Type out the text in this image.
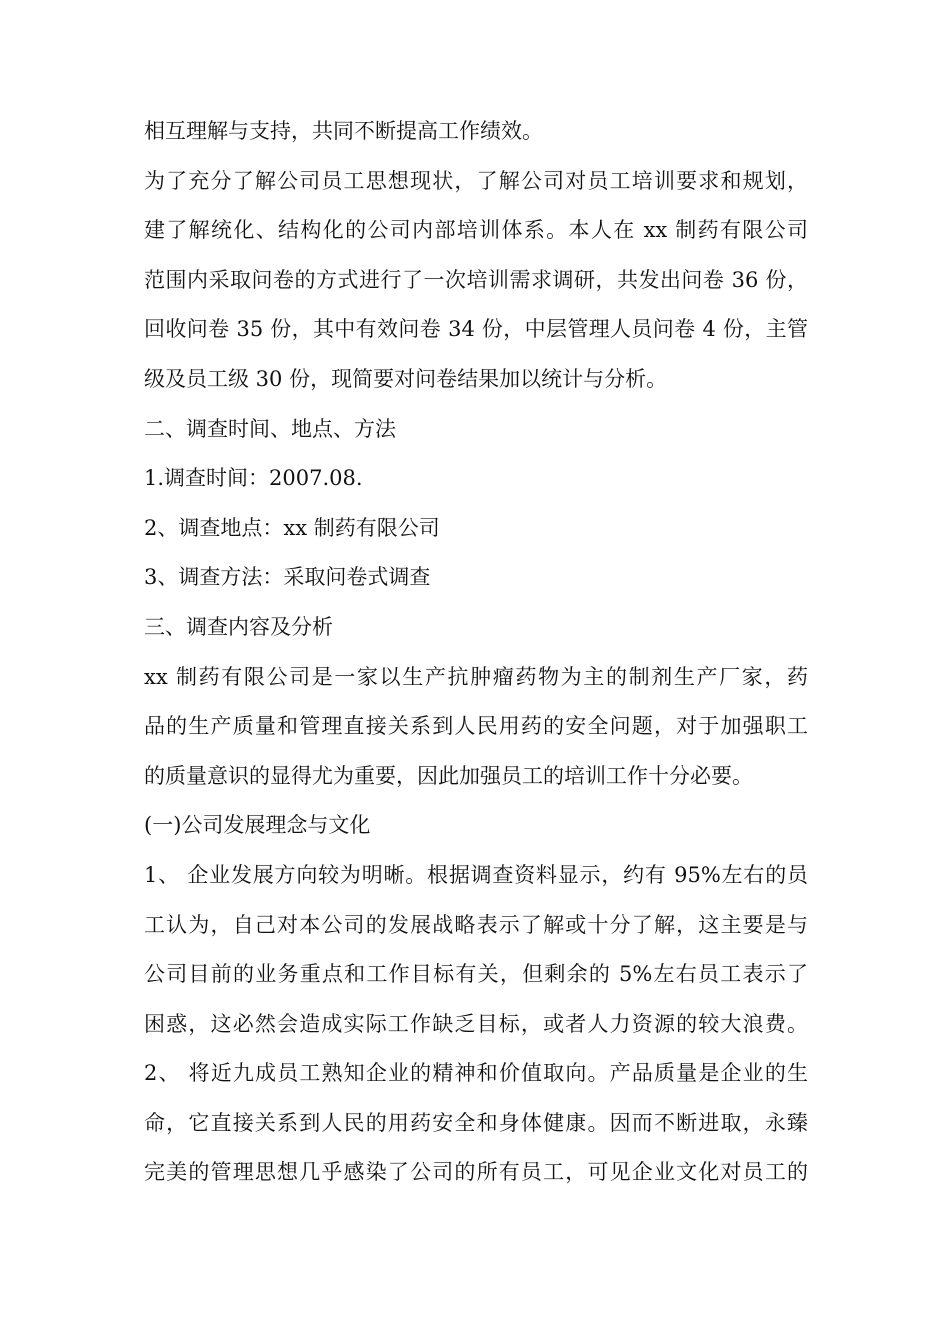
相互理解与支持，共同不断提高工作绩效。
为了充分了解公司员工思想现状，了解公司对员工培训要求和规划，
建了解统化、结构化的公司内部培训体系。本人在 xx 制药有限公司
范围内采取问卷的方式进行了一次培训需求调研，共发出问卷 36 份，
回收问卷 35 份，其中有效问卷 34 份，中层管理人员问卷 4 份，主管
级及员工级 30 份，现简要对问卷结果加以统计与分析。
二、调查时间、地点、方法
1.调查时间：2007.08.
2、调查地点：xx 制药有限公司
3、调查方法：采取问卷式调查
三、调查内容及分析
xx 制药有限公司是一家以生产抗肿瘤药物为主的制剂生产厂家，药
品的生产质量和管理直接关系到人民用药的安全问题，对于加强职工
的质量意识的显得尤为重要，因此加强员工的培训工作十分必要。
(一)公司发展理念与文化
1、 企业发展方向较为明晰。根据调查资料显示，约有 95%左右的员
工认为，自己对本公司的发展战略表示了解或十分了解，这主要是与
公司目前的业务重点和工作目标有关，但剩余的 5%左右员工表示了
困惑，这必然会造成实际工作缺乏目标，或者人力资源的较大浪费。
2、 将近九成员工熟知企业的精神和价值取向。产品质量是企业的生
命，它直接关系到人民的用药安全和身体健康。因而不断进取，永臻
完美的管理思想几乎感染了公司的所有员工，可见企业文化对员工的
